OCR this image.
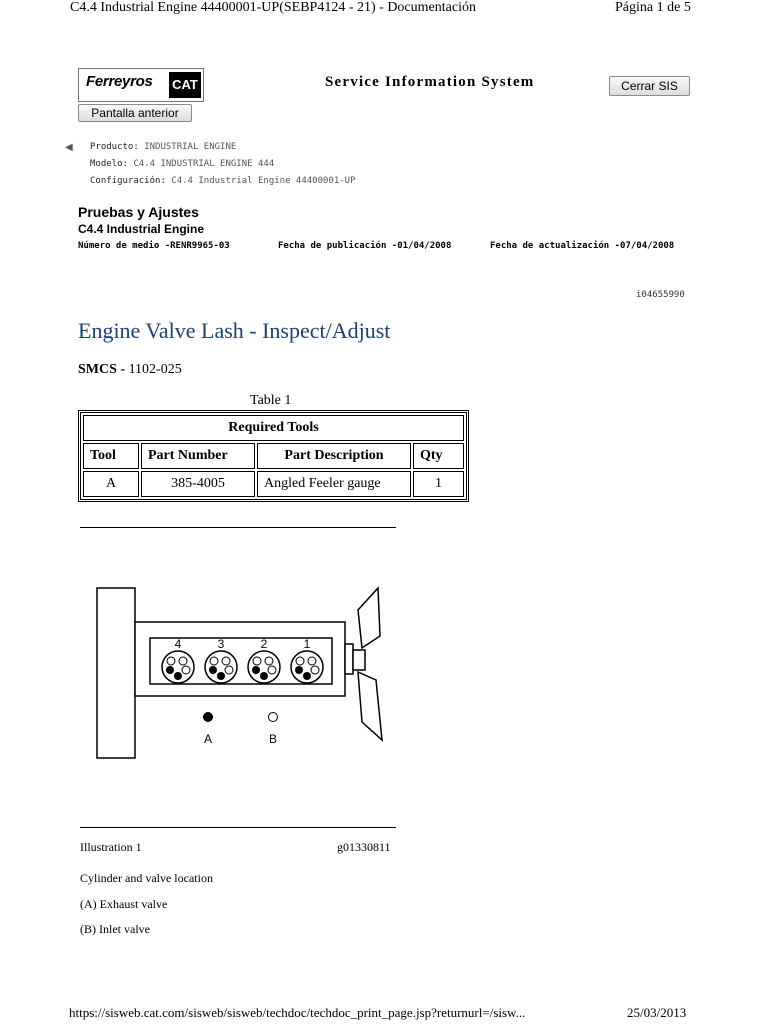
C4.4 Industrial Engine 44400001-UP(SEBP4124 - 21) - Documentación	Página 1 de 5
Ferreyros CAT	Service Information System	Cerrar SIS
Pantalla anterior
◀ Producto: INDUSTRIAL ENGINE
Modelo: C4.4 INDUSTRIAL ENGINE 444
Configuración: C4.4 Industrial Engine 44400001-UP
Pruebas y Ajustes
C4.4 Industrial Engine
Número de medio -RENR9965-03	Fecha de publicación -01/04/2008	Fecha de actualización -07/04/2008
i04655990
Engine Valve Lash - Inspect/Adjust
SMCS - 1102-025
Table 1
Required Tools			
Tool	Part Number	Part Description	Qty
A	385-4005	Angled Feeler gauge	1
4	3	2	1
A	B
Illustration 1	g01330811
Cylinder and valve location
(A) Exhaust valve
(B) Inlet valve
https://sisweb.cat.com/sisweb/sisweb/techdoc/techdoc_print_page.jsp?returnurl=/sisw...	25/03/2013
